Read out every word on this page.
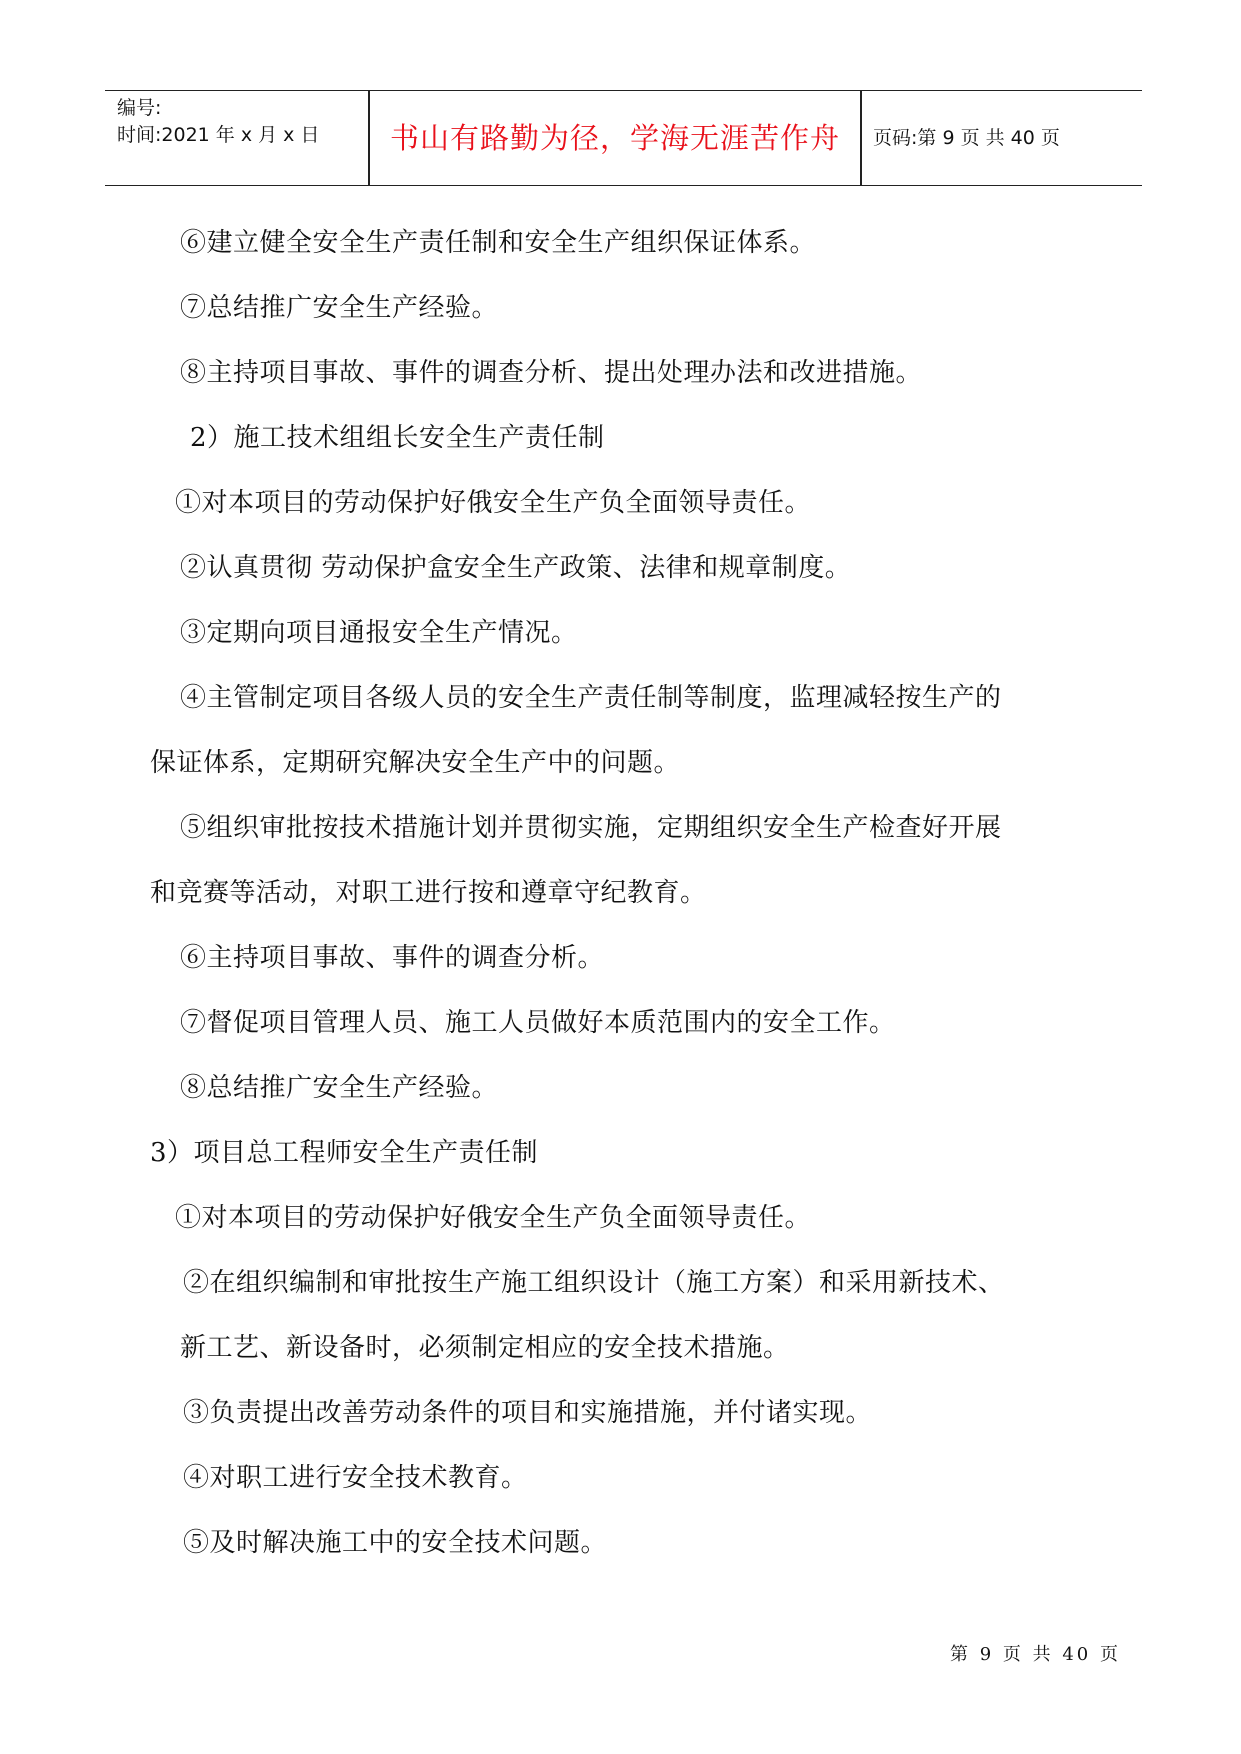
编号:
时间:2021 年 x 月 x 日	书山有路勤为径，学海无涯苦作舟	页码:第 9 页 共 40 页
⑥建立健全安全生产责任制和安全生产组织保证体系。
⑦总结推广安全生产经验。
⑧主持项目事故、事件的调查分析、提出处理办法和改进措施。
2）施工技术组组长安全生产责任制
①对本项目的劳动保护好俄安全生产负全面领导责任。
②认真贯彻 劳动保护盒安全生产政策、法律和规章制度。
③定期向项目通报安全生产情况。
④主管制定项目各级人员的安全生产责任制等制度，监理减轻按生产的
保证体系，定期研究解决安全生产中的问题。
⑤组织审批按技术措施计划并贯彻实施，定期组织安全生产检查好开展
和竞赛等活动，对职工进行按和遵章守纪教育。
⑥主持项目事故、事件的调查分析。
⑦督促项目管理人员、施工人员做好本质范围内的安全工作。
⑧总结推广安全生产经验。
3）项目总工程师安全生产责任制
①对本项目的劳动保护好俄安全生产负全面领导责任。
②在组织编制和审批按生产施工组织设计（施工方案）和采用新技术、
新工艺、新设备时，必须制定相应的安全技术措施。
③负责提出改善劳动条件的项目和实施措施，并付诸实现。
④对职工进行安全技术教育。
⑤及时解决施工中的安全技术问题。
第 9 页 共 40 页
